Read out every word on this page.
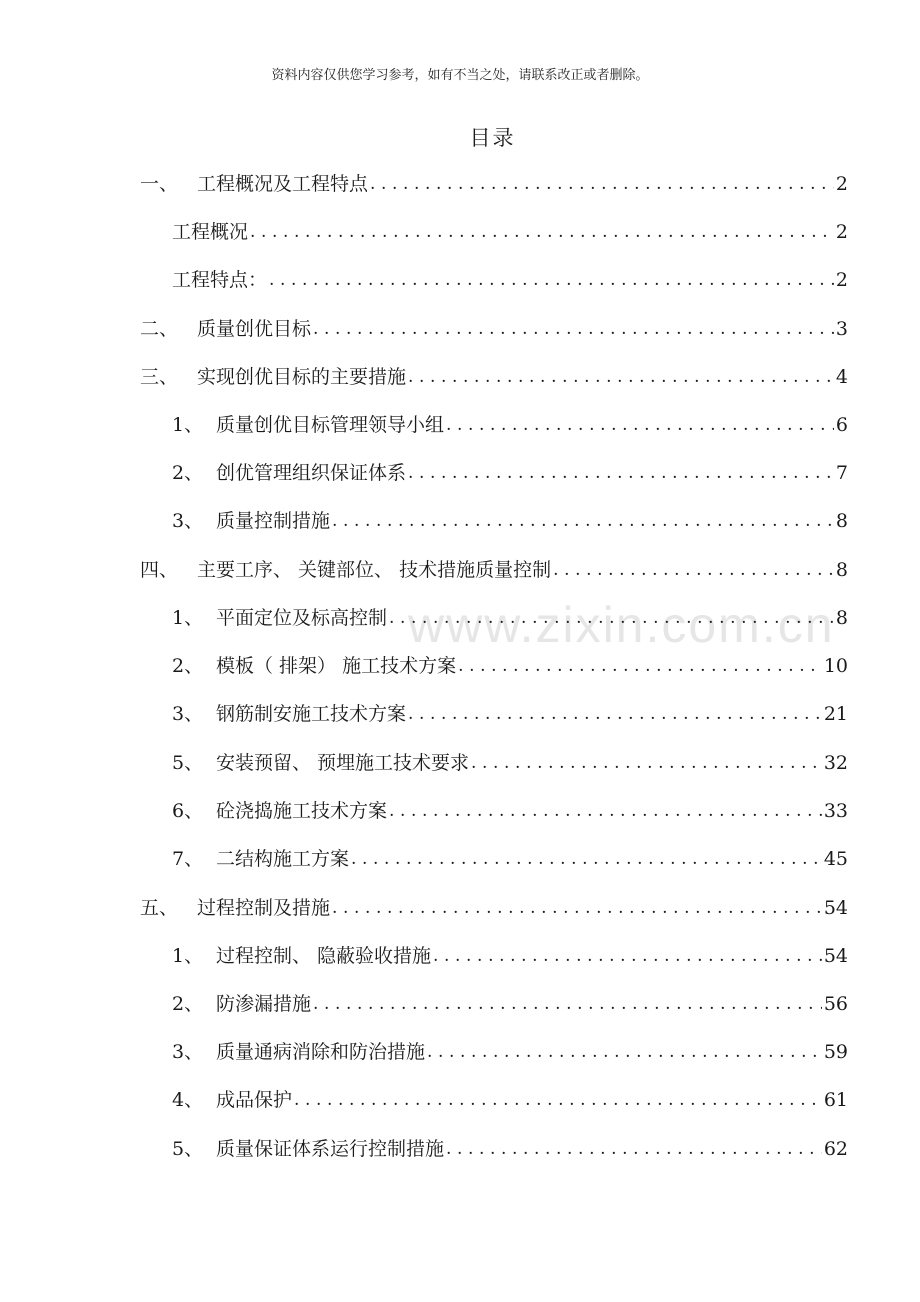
资料内容仅供您学习参考，如有不当之处，请联系改正或者删除。
目录
www.zixin.com.cn
一、 工程概况及工程特点 .....	2
工程概况 .....	2
工程特点： .....	2
二、 质量创优目标 .....	3
三、 实现创优目标的主要措施 .....	4
1、 质量创优目标管理领导小组 .....	6
2、 创优管理组织保证体系 .....	7
3、 质量控制措施 .....	8
四、 主要工序、 关键部位、 技术措施质量控制 .....	8
1、 平面定位及标高控制 .....	8
2、 模板（ 排架） 施工技术方案 .....	10
3、 钢筋制安施工技术方案 .....	21
5、 安装预留、 预埋施工技术要求 .....	32
6、 砼浇捣施工技术方案 .....	33
7、 二结构施工方案 .....	45
五、 过程控制及措施 .....	54
1、 过程控制、 隐蔽验收措施 .....	54
2、 防渗漏措施 .....	56
3、 质量通病消除和防治措施 .....	59
4、 成品保护 .....	61
5、 质量保证体系运行控制措施 .....	62
